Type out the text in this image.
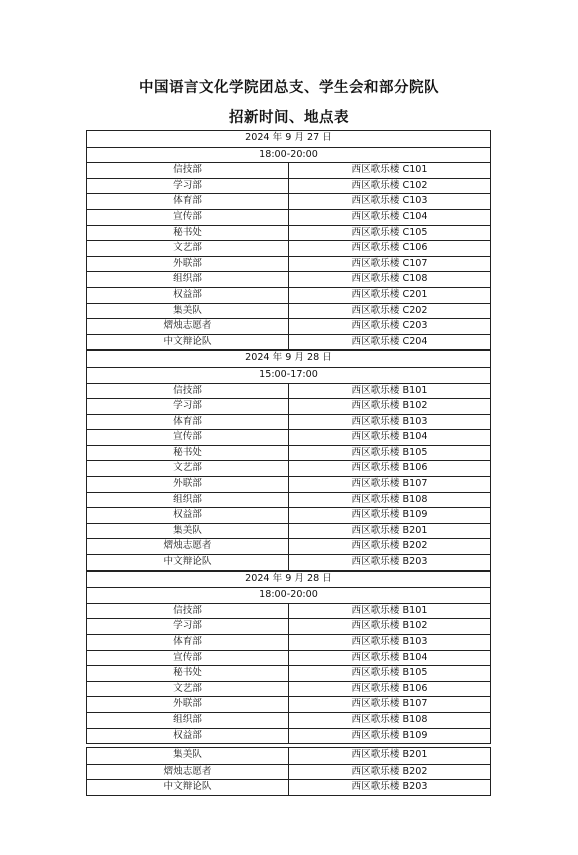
中国语言文化学院团总支、学生会和部分院队
招新时间、地点表
2024 年 9 月 27 日
18:00-20:00
信技部	西区歌乐楼 C101
学习部	西区歌乐楼 C102
体育部	西区歌乐楼 C103
宣传部	西区歌乐楼 C104
秘书处	西区歌乐楼 C105
文艺部	西区歌乐楼 C106
外联部	西区歌乐楼 C107
组织部	西区歌乐楼 C108
权益部	西区歌乐楼 C201
集美队	西区歌乐楼 C202
熠烛志愿者	西区歌乐楼 C203
中文辩论队	西区歌乐楼 C204
2024 年 9 月 28 日
15:00-17:00
信技部	西区歌乐楼 B101
学习部	西区歌乐楼 B102
体育部	西区歌乐楼 B103
宣传部	西区歌乐楼 B104
秘书处	西区歌乐楼 B105
文艺部	西区歌乐楼 B106
外联部	西区歌乐楼 B107
组织部	西区歌乐楼 B108
权益部	西区歌乐楼 B109
集美队	西区歌乐楼 B201
熠烛志愿者	西区歌乐楼 B202
中文辩论队	西区歌乐楼 B203
2024 年 9 月 28 日
18:00-20:00
信技部	西区歌乐楼 B101
学习部	西区歌乐楼 B102
体育部	西区歌乐楼 B103
宣传部	西区歌乐楼 B104
秘书处	西区歌乐楼 B105
文艺部	西区歌乐楼 B106
外联部	西区歌乐楼 B107
组织部	西区歌乐楼 B108
权益部	西区歌乐楼 B109
集美队	西区歌乐楼 B201
熠烛志愿者	西区歌乐楼 B202
中文辩论队	西区歌乐楼 B203
